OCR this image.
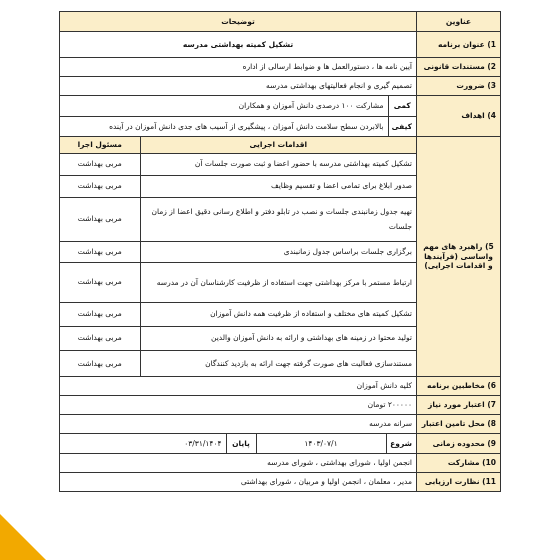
عناوین	توضیحات
1) عنوان برنامه	تشکیل کمیته بهداشتی مدرسه
2) مستندات قانونی	آیین نامه ها ، دستورالعمل ها و ضوابط ارسالی از اداره
3) ضرورت	تصمیم گیری و انجام فعالیتهای بهداشتی مدرسه
4) اهداف	
کمی	مشارکت ١٠٠ درصدی دانش آموزان و همکاران
کیفی	بالابردن سطح سلامت دانش آموزان ، پیشگیری از آسیب های جدی دانش آموزان در آینده

5) راهبرد های مهم واساسی (فرآیندها و اقدامات اجرایی)	
اقدامات اجرایی	مسئول اجرا
تشکیل کمیته بهداشتی مدرسه با حضور اعضا و ثبت صورت جلسات آن	مربی بهداشت
صدور ابلاغ برای تمامی اعضا و تقسیم وظایف	مربی بهداشت
تهیه جدول زمانبندی جلسات و نصب در تابلو دفتر و اطلاع رسانی دقیق اعضا از زمان جلسات	مربی بهداشت
برگزاری جلسات براساس جدول زمانبندی	مربی بهداشت
ارتباط مستمر با مرکز بهداشتی جهت استفاده از ظرفیت کارشناسان آن در مدرسه	مربی بهداشت
تشکیل کمیته های مختلف و استفاده از ظرفیت همه دانش آموزان	مربی بهداشت
تولید محتوا در زمینه های بهداشتی و ارائه به دانش آموزان والدین	مربی بهداشت
مستندسازی فعالیت های صورت گرفته جهت ارائه به بازدید کنندگان	مربی بهداشت

6) مخاطبین برنامه	کلیه دانش آموزان
7) اعتبار مورد نیاز	٢٠٠٠٠٠ تومان
8) محل تامین اعتبار	سرانه مدرسه
9) محدوده زمانی	
شروع	١۴٠٣/٠٧/١	پایان	١۴٠۴/٠٣/٣١

10) مشارکت	انجمن اولیا ، شورای بهداشتی ، شورای مدرسه
11) نظارت ارزیابی	مدیر ، معلمان ، انجمن اولیا و مربیان ، شورای بهداشتی
